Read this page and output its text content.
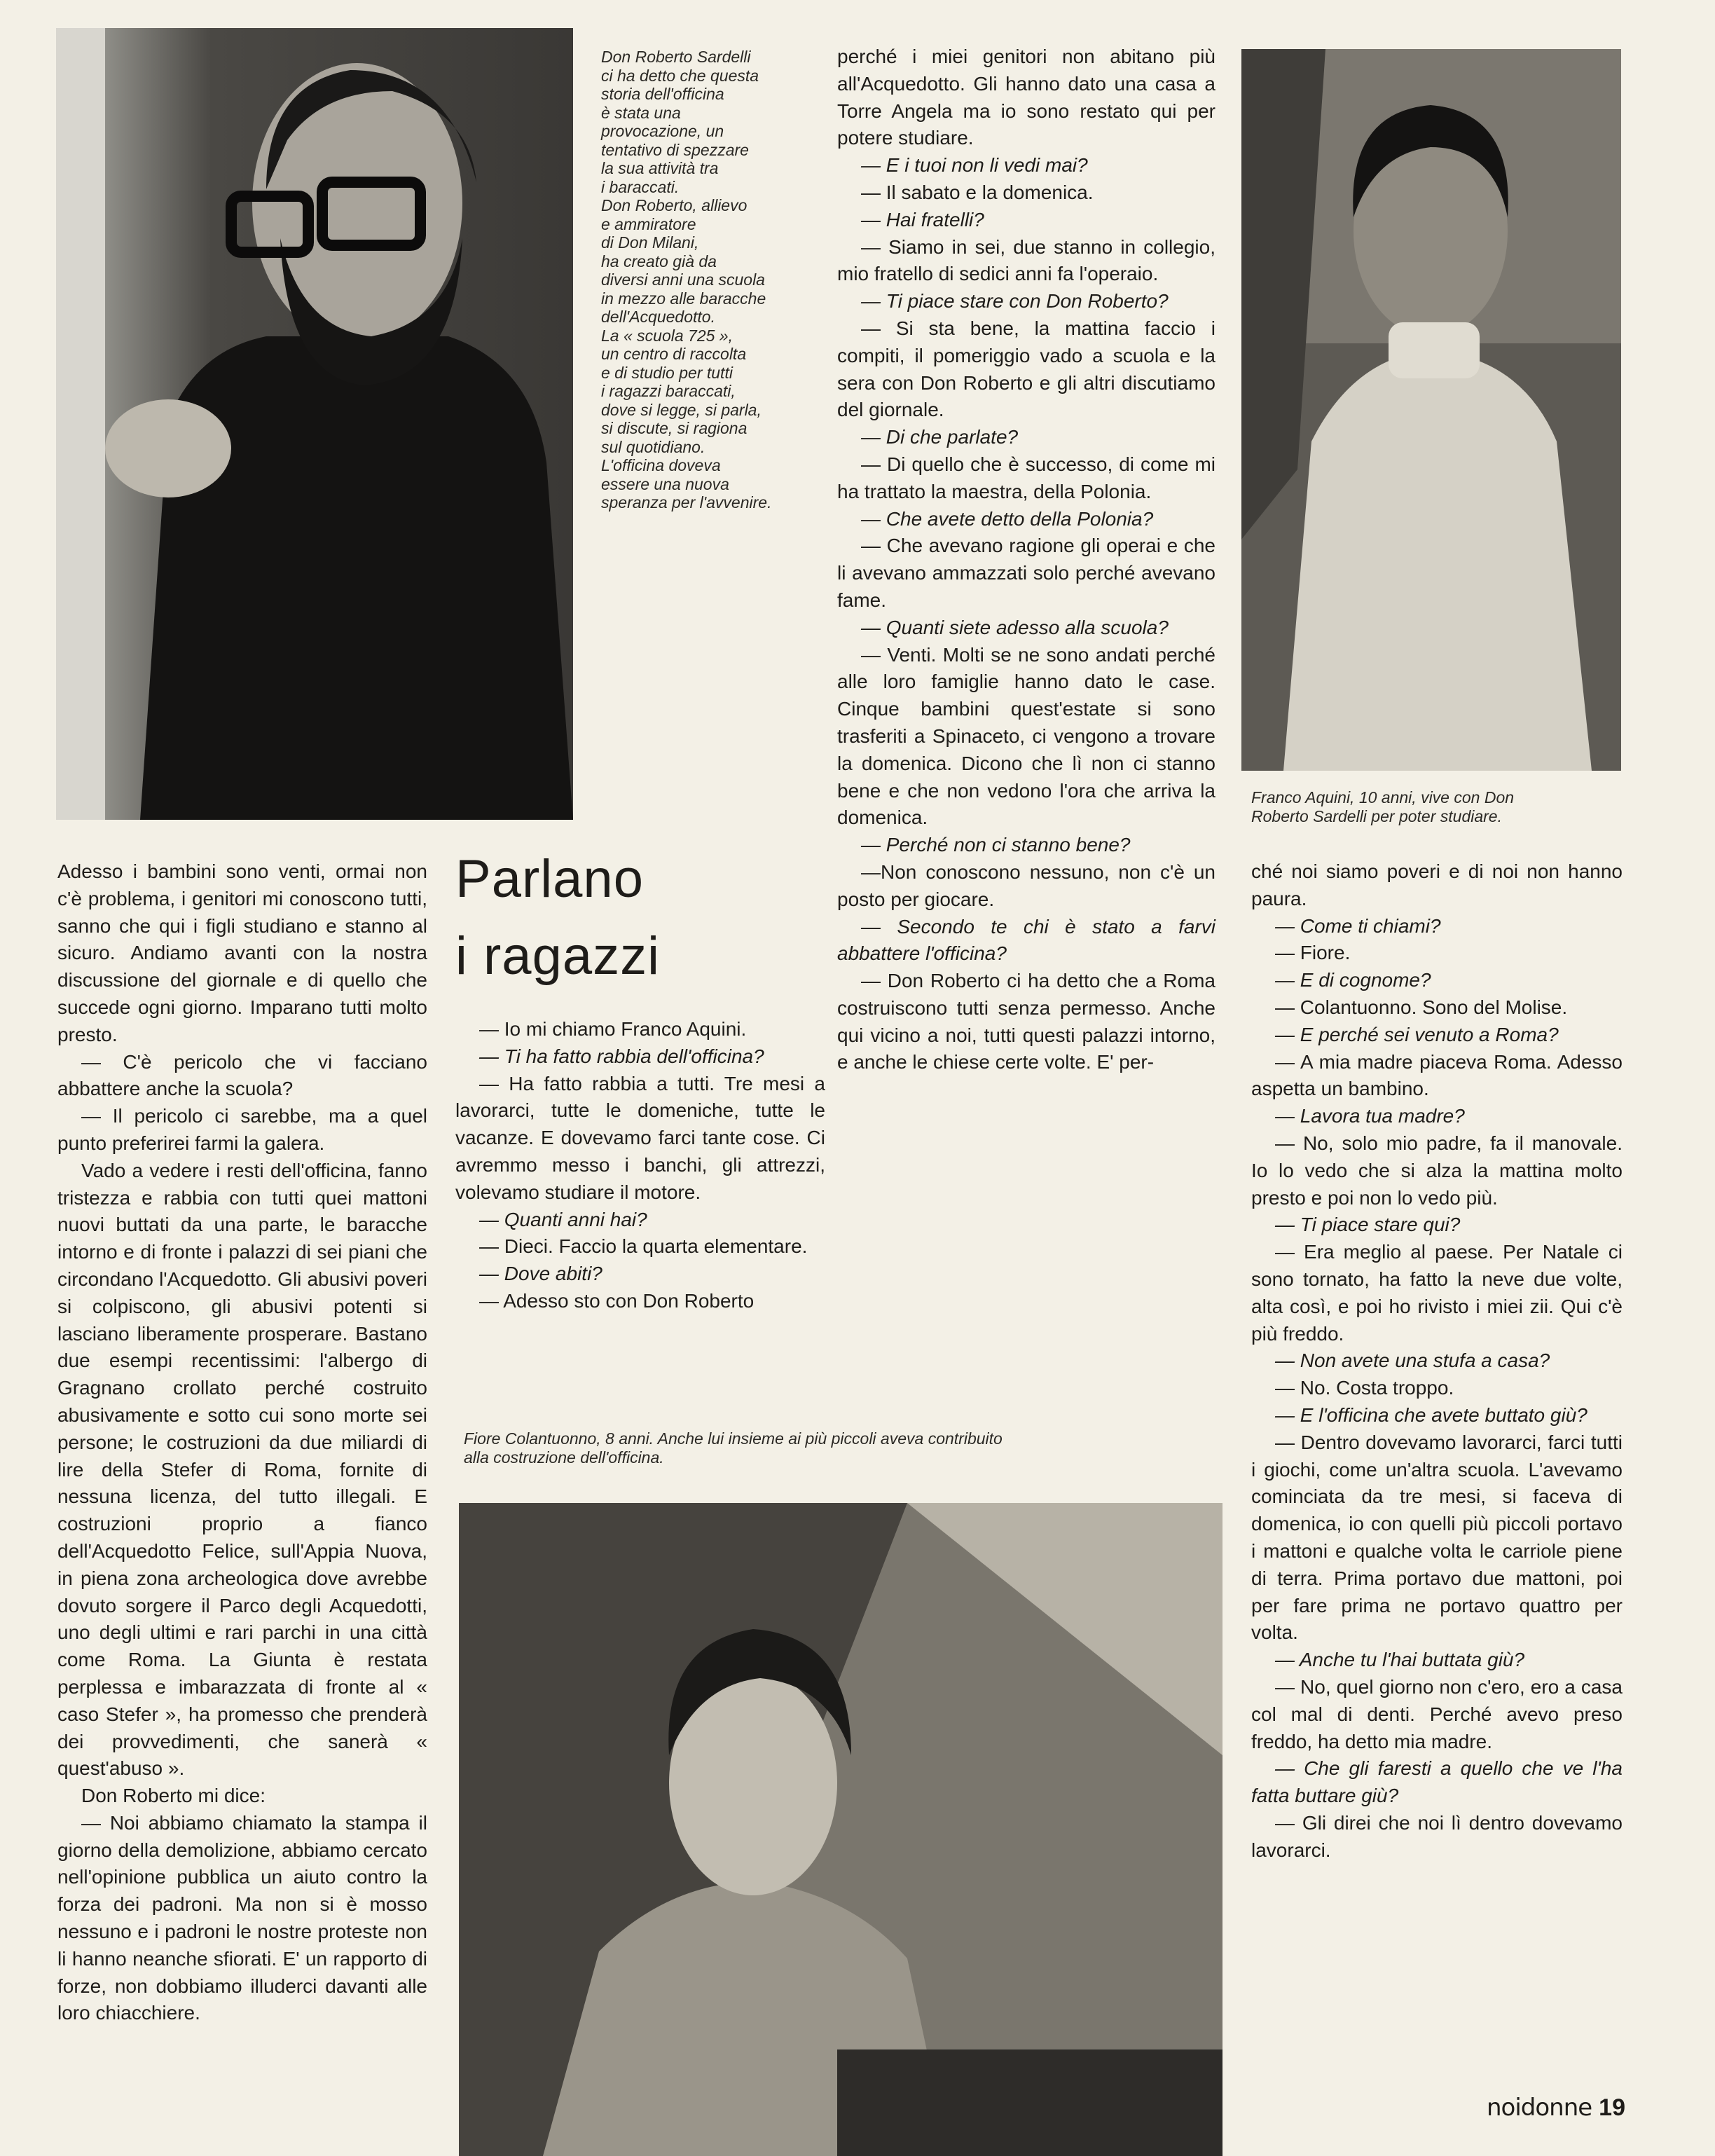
Don Roberto Sardelli
ci ha detto che questa
storia dell'officina
è stata una
provocazione, un
tentativo di spezzare
la sua attività tra
i baraccati.
Don Roberto, allievo
e ammiratore
di Don Milani,
ha creato già da
diversi anni una scuola
in mezzo alle baracche
dell'Acquedotto.
La « scuola 725 »,
un centro di raccolta
e di studio per tutti
i ragazzi baraccati,
dove si legge, si parla,
si discute, si ragiona
sul quotidiano.
L'officina doveva
essere una nuova
speranza per l'avvenire.
Franco Aquini, 10 anni, vive con Don
Roberto Sardelli per poter studiare.
Parlano
i ragazzi

Adesso i bambini sono venti, ormai non c'è problema, i genitori mi conoscono tutti, sanno che qui i figli studiano e stanno al sicuro. Andiamo avanti con la nostra discussione del giornale e di quello che succede ogni giorno. Imparano tutti molto presto.

— C'è pericolo che vi facciano abbattere anche la scuola?

— Il pericolo ci sarebbe, ma a quel punto preferirei farmi la galera.

Vado a vedere i resti dell'officina, fanno tristezza e rabbia con tutti quei mattoni nuovi buttati da una parte, le baracche intorno e di fronte i palazzi di sei piani che circondano l'Acquedotto. Gli abusivi poveri si colpiscono, gli abusivi potenti si lasciano liberamente prosperare. Bastano due esempi recentissimi: l'albergo di Gragnano crollato perché costruito abusivamente e sotto cui sono morte sei persone; le costruzioni da due miliardi di lire della Stefer di Roma, fornite di nessuna licenza, del tutto illegali. E costruzioni proprio a fianco dell'Acquedotto Felice, sull'Appia Nuova, in piena zona archeologica dove avrebbe dovuto sorgere il Parco degli Acquedotti, uno degli ultimi e rari parchi in una città come Roma. La Giunta è restata perplessa e imbarazzata di fronte al « caso Stefer », ha promesso che prenderà dei provvedimenti, che sanerà « quest'abuso ».

Don Roberto mi dice:

— Noi abbiamo chiamato la stampa il giorno della demolizione, abbiamo cercato nell'opinione pubblica un aiuto contro la forza dei padroni. Ma non si è mosso nessuno e i padroni le nostre proteste non li hanno neanche sfiorati. E' un rapporto di forze, non dobbiamo illuderci davanti alle loro chiacchiere.

— Io mi chiamo Franco Aquini.

— Ti ha fatto rabbia dell'officina?

— Ha fatto rabbia a tutti. Tre mesi a lavorarci, tutte le domeniche, tutte le vacanze. E dovevamo farci tante cose. Ci avremmo messo i banchi, gli attrezzi, volevamo studiare il motore.

— Quanti anni hai?

— Dieci. Faccio la quarta elementare.

— Dove abiti?

— Adesso sto con Don Roberto

perché i miei genitori non abitano più all'Acquedotto. Gli hanno dato una casa a Torre Angela ma io sono restato qui per potere studiare.

— E i tuoi non li vedi mai?

— Il sabato e la domenica.

— Hai fratelli?

— Siamo in sei, due stanno in collegio, mio fratello di sedici anni fa l'operaio.

— Ti piace stare con Don Roberto?

— Si sta bene, la mattina faccio i compiti, il pomeriggio vado a scuola e la sera con Don Roberto e gli altri discutiamo del giornale.

— Di che parlate?

— Di quello che è successo, di come mi ha trattato la maestra, della Polonia.

— Che avete detto della Polonia?

— Che avevano ragione gli operai e che li avevano ammazzati solo perché avevano fame.

— Quanti siete adesso alla scuola?

— Venti. Molti se ne sono andati perché alle loro famiglie hanno dato le case. Cinque bambini quest'estate si sono trasferiti a Spinaceto, ci vengono a trovare la domenica. Dicono che lì non ci stanno bene e che non vedono l'ora che arriva la domenica.

— Perché non ci stanno bene?

—Non conoscono nessuno, non c'è un posto per giocare.

— Secondo te chi è stato a farvi abbattere l'officina?

— Don Roberto ci ha detto che a Roma costruiscono tutti senza permesso. Anche qui vicino a noi, tutti questi palazzi intorno, e anche le chiese certe volte. E' per-

ché noi siamo poveri e di noi non hanno paura.

— Come ti chiami?

— Fiore.

— E di cognome?

— Colantuonno. Sono del Molise.

— E perché sei venuto a Roma?

— A mia madre piaceva Roma. Adesso aspetta un bambino.

— Lavora tua madre?

— No, solo mio padre, fa il manovale. Io lo vedo che si alza la mattina molto presto e poi non lo vedo più.

— Ti piace stare qui?

— Era meglio al paese. Per Natale ci sono tornato, ha fatto la neve due volte, alta così, e poi ho rivisto i miei zii. Qui c'è più freddo.

— Non avete una stufa a casa?

— No. Costa troppo.

— E l'officina che avete buttato giù?

— Dentro dovevamo lavorarci, farci tutti i giochi, come un'altra scuola. L'avevamo cominciata da tre mesi, si faceva di domenica, io con quelli più piccoli portavo i mattoni e qualche volta le carriole piene di terra. Prima portavo due mattoni, poi per fare prima ne portavo quattro per volta.

— Anche tu l'hai buttata giù?

— No, quel giorno non c'ero, ero a casa col mal di denti. Perché avevo preso freddo, ha detto mia madre.

— Che gli faresti a quello che ve l'ha fatta buttare giù?

— Gli direi che noi lì dentro dovevamo lavorarci.

Fiore Colantuonno, 8 anni. Anche lui insieme ai più piccoli aveva contribuito
alla costruzione dell'officina.
noidonne 19
